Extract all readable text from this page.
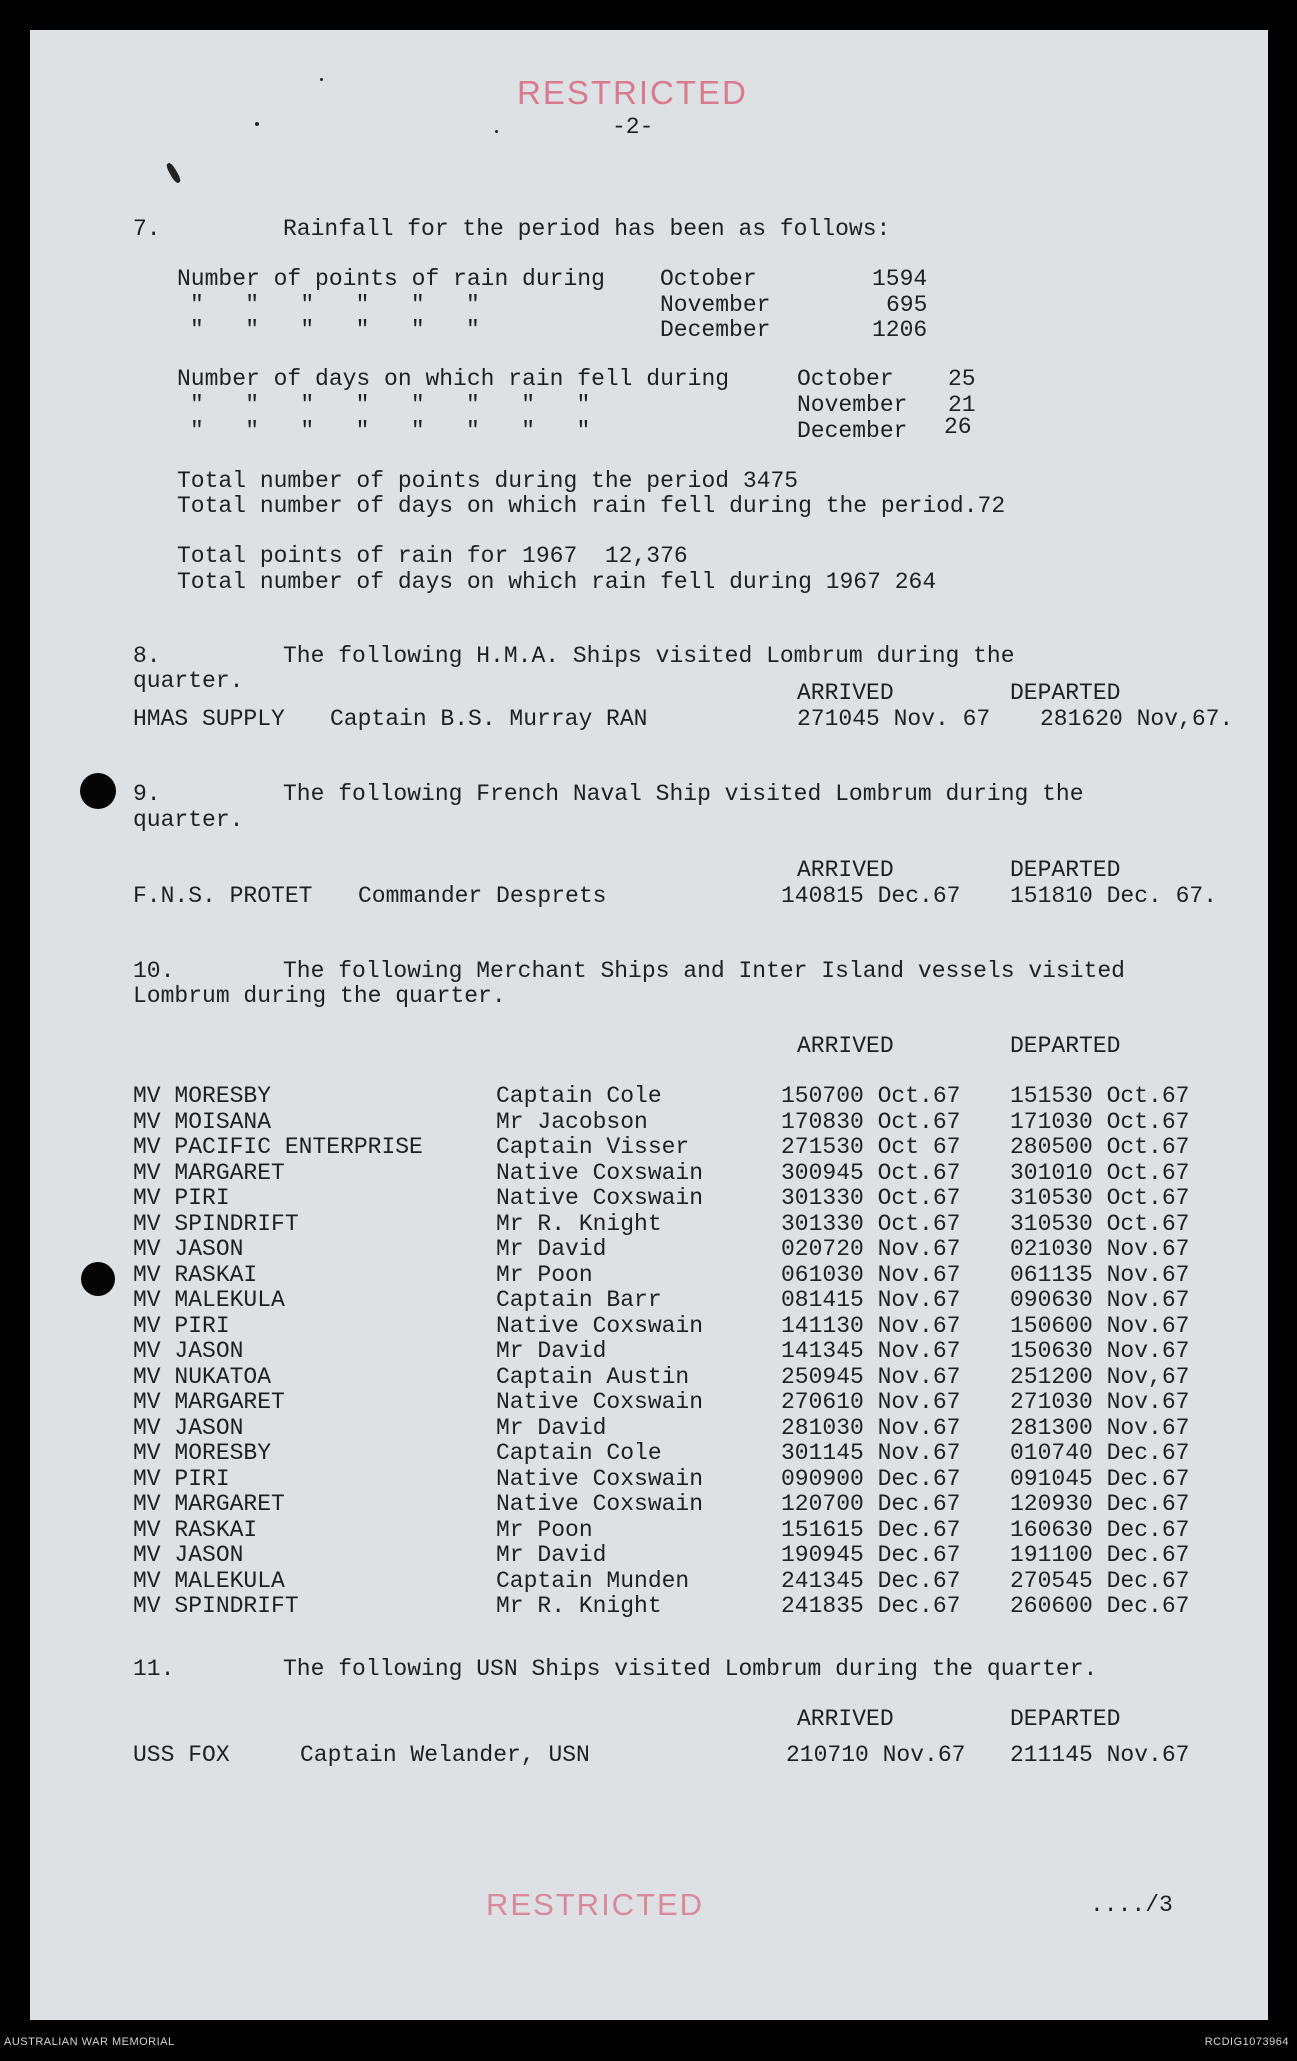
RESTRICTED
-2-
7.	Rainfall for the period has been as follows:
Number of points of rain during October	1594
"   "   "   "   "   "	November	695
"   "   "   "   "   "	December	1206
Number of days on which rain fell during	October 25
"   "   "   "   "   "   "   "	November 21
"   "   "   "   "   "   "   "	December 26
Total number of points during the period 3475
Total number of days on which rain fell during the period.72
Total points of rain for 1967  12,376
Total number of days on which rain fell during 1967 264
8.	The following H.M.A. Ships visited Lombrum during the
quarter.	ARRIVED	DEPARTED
HMAS SUPPLY Captain B.S. Murray RAN	271045 Nov. 67 281620 Nov,67.
9.	The following French Naval Ship visited Lombrum during the
quarter.
ARRIVED	DEPARTED
F.N.S. PROTET Commander Desprets	140815 Dec.67 151810 Dec. 67.
10.	The following Merchant Ships and Inter Island vessels visited
Lombrum during the quarter.
ARRIVED	DEPARTED
MV MORESBY	Captain Cole	150700 Oct.67 151530 Oct.67
MV MOISANA	Mr Jacobson	170830 Oct.67 171030 Oct.67
MV PACIFIC ENTERPRISE	Captain Visser	271530 Oct 67 280500 Oct.67
MV MARGARET	Native Coxswain	300945 Oct.67 301010 Oct.67
MV PIRI	Native Coxswain	301330 Oct.67 310530 Oct.67
MV SPINDRIFT	Mr R. Knight	301330 Oct.67 310530 Oct.67
MV JASON	Mr David	020720 Nov.67 021030 Nov.67
MV RASKAI	Mr Poon	061030 Nov.67 061135 Nov.67
MV MALEKULA	Captain Barr	081415 Nov.67 090630 Nov.67
MV PIRI	Native Coxswain	141130 Nov.67 150600 Nov.67
MV JASON	Mr David	141345 Nov.67 150630 Nov.67
MV NUKATOA	Captain Austin	250945 Nov.67 251200 Nov,67
MV MARGARET	Native Coxswain	270610 Nov.67 271030 Nov.67
MV JASON	Mr David	281030 Nov.67 281300 Nov.67
MV MORESBY	Captain Cole	301145 Nov.67 010740 Dec.67
MV PIRI	Native Coxswain	090900 Dec.67 091045 Dec.67
MV MARGARET	Native Coxswain	120700 Dec.67 120930 Dec.67
MV RASKAI	Mr Poon	151615 Dec.67 160630 Dec.67
MV JASON	Mr David	190945 Dec.67 191100 Dec.67
MV MALEKULA	Captain Munden	241345 Dec.67 270545 Dec.67
MV SPINDRIFT	Mr R. Knight	241835 Dec.67 260600 Dec.67
11.	The following USN Ships visited Lombrum during the quarter.
ARRIVED	DEPARTED
USS FOX	Captain Welander, USN	210710 Nov.67 211145 Nov.67
RESTRICTED	..../3
AUSTRALIAN WAR MEMORIAL	RCDIG1073964
